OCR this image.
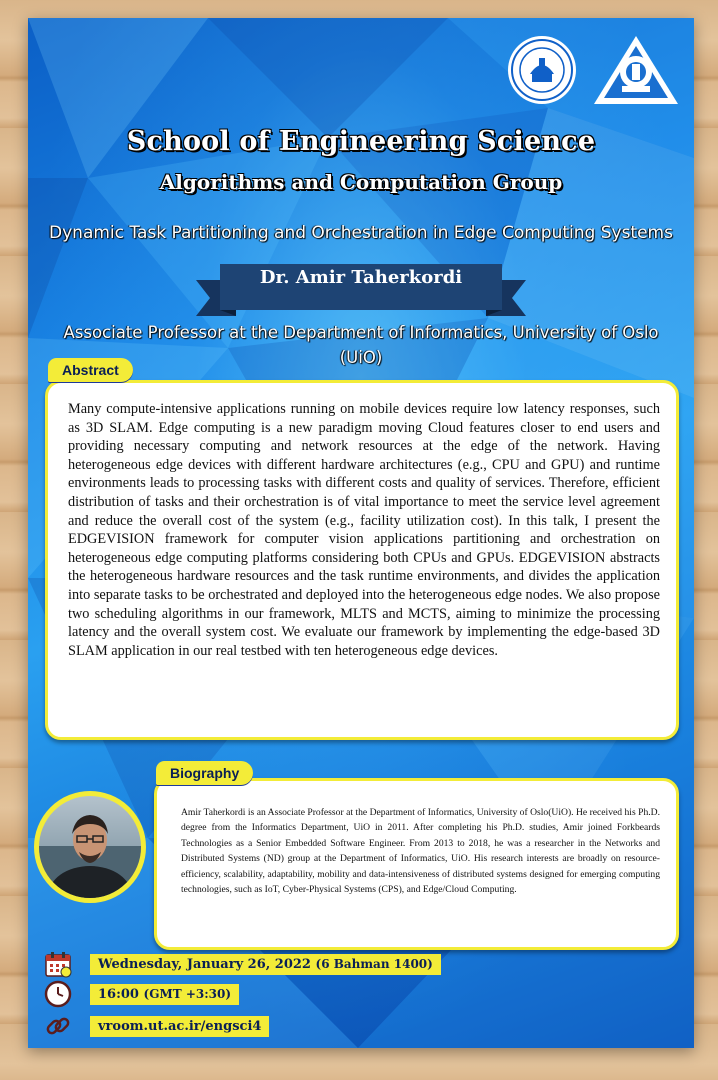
School of Engineering Science
Algorithms and Computation Group
Dynamic Task Partitioning and Orchestration in Edge Computing Systems
Dr. Amir Taherkordi
Associate Professor at the Department of Informatics, University of Oslo
(UiO)
Many compute-intensive applications running on mobile devices require low latency responses, such as 3D SLAM. Edge computing is a new paradigm moving Cloud features closer to end users and providing necessary computing and network resources at the edge of the network. Having heterogeneous edge devices with different hardware architectures (e.g., CPU and GPU) and runtime environments leads to processing tasks with different costs and quality of services. Therefore, efficient distribution of tasks and their orchestration is of vital importance to meet the service level agreement and reduce the overall cost of the system (e.g., facility utilization cost). In this talk, I present the EDGEVISION framework for computer vision applications partitioning and orchestration on heterogeneous edge computing platforms considering both CPUs and GPUs. EDGEVISION abstracts the heterogeneous hardware resources and the task runtime environments, and divides the application into separate tasks to be orchestrated and deployed into the heterogeneous edge nodes. We also propose two scheduling algorithms in our framework, MLTS and MCTS, aiming to minimize the processing latency and the overall system cost. We evaluate our framework by implementing the edge-based 3D SLAM application in our real testbed with ten heterogeneous edge devices.
Abstract
Amir Taherkordi is an Associate Professor at the Department of Informatics, University of Oslo(UiO). He received his Ph.D. degree from the Informatics Department, UiO in 2011. After completing his Ph.D. studies, Amir joined Forkbeards Technologies as a Senior Embedded Software Engineer. From 2013 to 2018, he was a researcher in the Networks and Distributed Systems (ND) group at the Department of Informatics, UiO. His research interests are broadly on resource-efficiency, scalability, adaptability, mobility and data-intensiveness of distributed systems designed for emerging computing technologies, such as IoT, Cyber-Physical Systems (CPS), and Edge/Cloud Computing.
Biography
Wednesday, January 26, 2022 (6 Bahman 1400)
16:00 (GMT +3:30)
vroom.ut.ac.ir/engsci4
